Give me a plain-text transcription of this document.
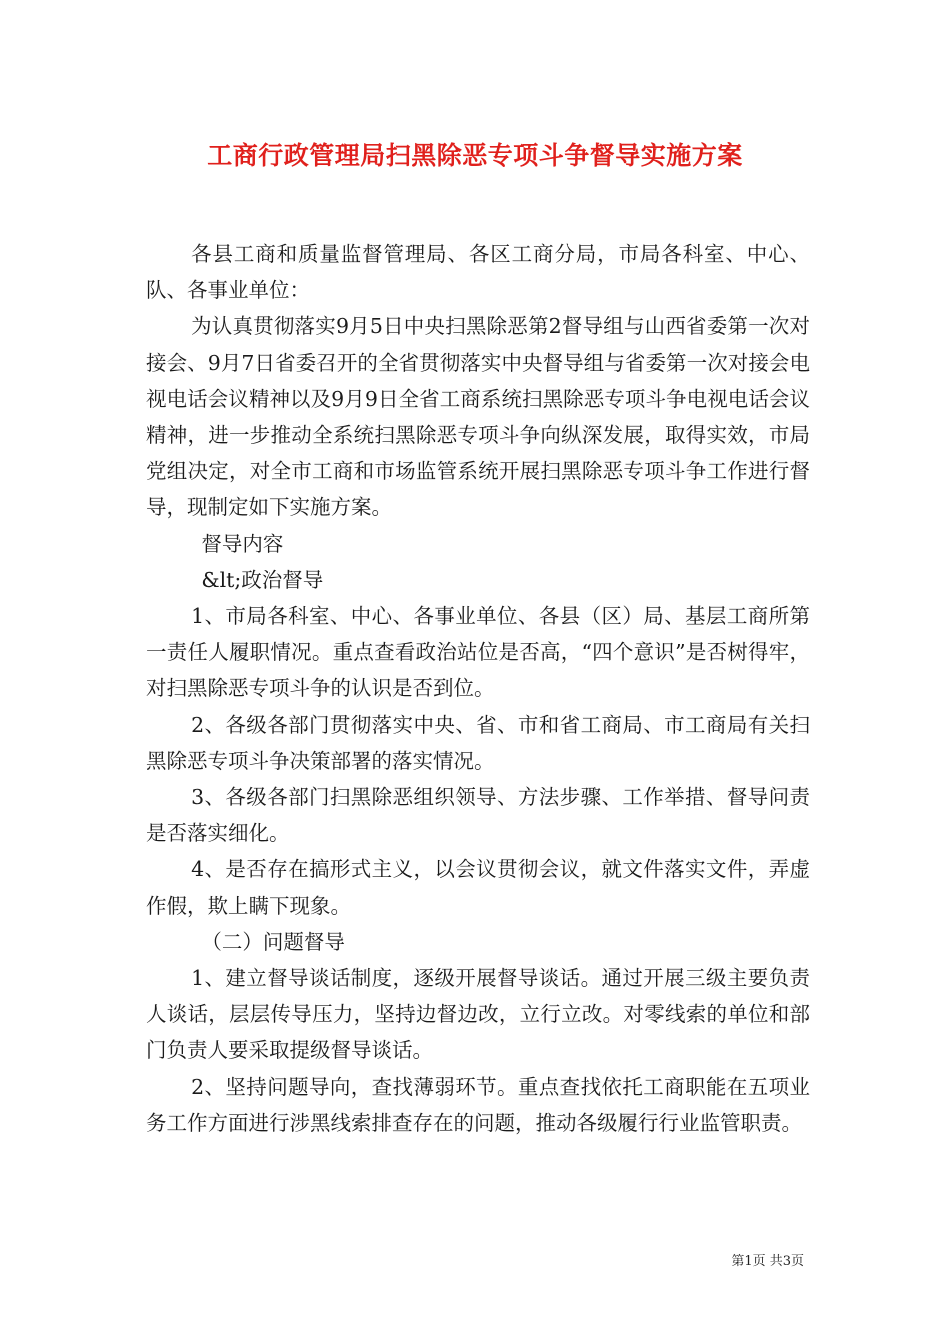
工商行政管理局扫黑除恶专项斗争督导实施方案

各县工商和质量监督管理局、各区工商分局，市局各科室、中心、队、各事业单位：

为认真贯彻落实9月5日中央扫黑除恶第2督导组与山西省委第一次对接会、9月7日省委召开的全省贯彻落实中央督导组与省委第一次对接会电视电话会议精神以及9月9日全省工商系统扫黑除恶专项斗争电视电话会议精神，进一步推动全系统扫黑除恶专项斗争向纵深发展，取得实效，市局党组决定，对全市工商和市场监管系统开展扫黑除恶专项斗争工作进行督导，现制定如下实施方案。

督导内容

&lt;政治督导

1、市局各科室、中心、各事业单位、各县（区）局、基层工商所第一责任人履职情况。重点查看政治站位是否高，“四个意识”是否树得牢，对扫黑除恶专项斗争的认识是否到位。

2、各级各部门贯彻落实中央、省、市和省工商局、市工商局有关扫黑除恶专项斗争决策部署的落实情况。

3、各级各部门扫黑除恶组织领导、方法步骤、工作举措、督导问责是否落实细化。

4、是否存在搞形式主义，以会议贯彻会议，就文件落实文件，弄虚作假，欺上瞒下现象。

（二）问题督导

1、建立督导谈话制度，逐级开展督导谈话。通过开展三级主要负责人谈话，层层传导压力，坚持边督边改，立行立改。对零线索的单位和部门负责人要采取提级督导谈话。

2、坚持问题导向，查找薄弱环节。重点查找依托工商职能在五项业务工作方面进行涉黑线索排查存在的问题，推动各级履行行业监管职责。

第1页 共3页
